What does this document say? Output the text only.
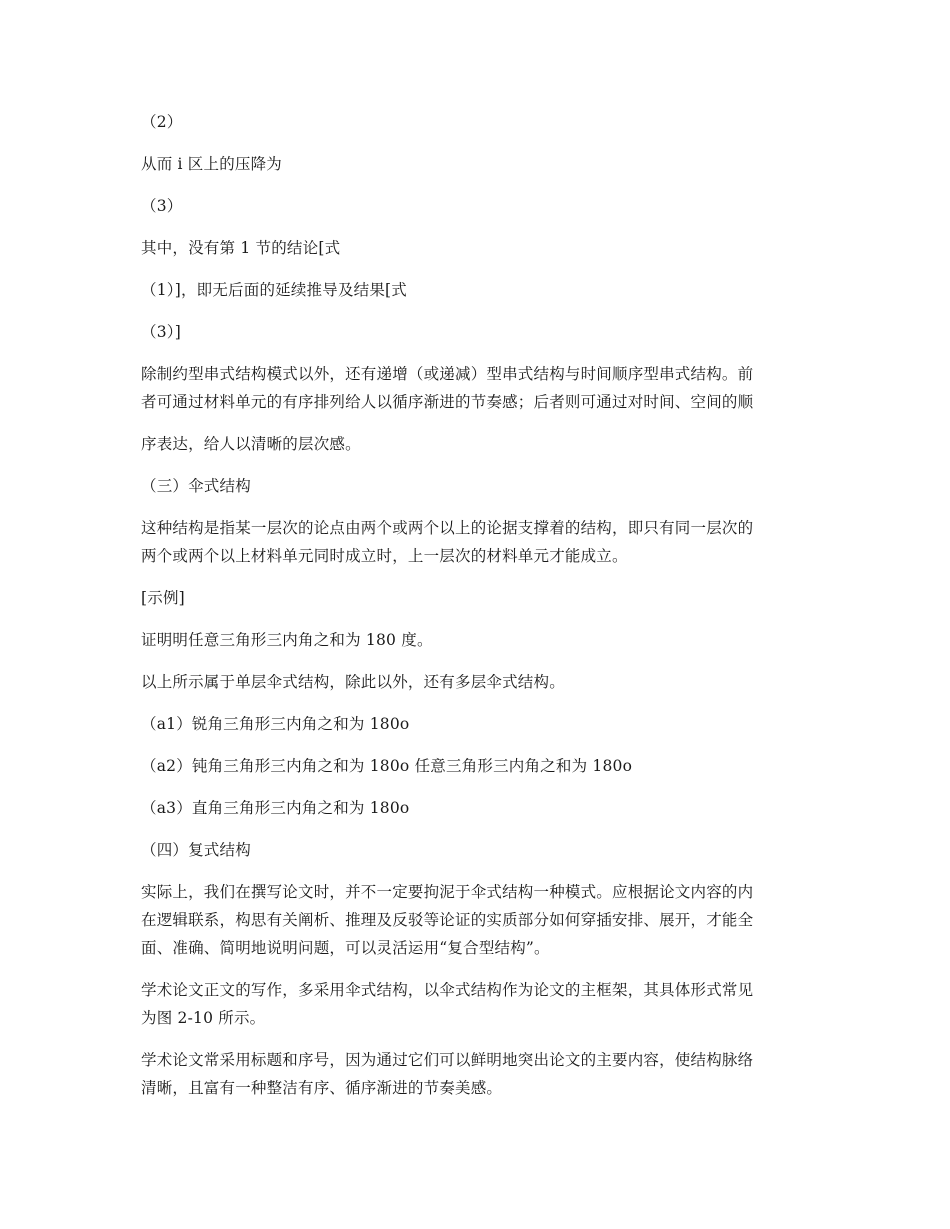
（2）

从而 i 区上的压降为

（3）

其中，没有第 1 节的结论[式

（1）]，即无后面的延续推导及结果[式

（3）]

除制约型串式结构模式以外，还有递增（或递减）型串式结构与时间顺序型串式结构。前
者可通过材料单元的有序排列给人以循序渐进的节奏感；后者则可通过对时间、空间的顺

序表达，给人以清晰的层次感。

（三）伞式结构

这种结构是指某一层次的论点由两个或两个以上的论据支撑着的结构，即只有同一层次的
两个或两个以上材料单元同时成立时，上一层次的材料单元才能成立。

[示例]

证明明任意三角形三内角之和为 180 度。

以上所示属于单层伞式结构，除此以外，还有多层伞式结构。

（a1）锐角三角形三内角之和为 180o

（a2）钝角三角形三内角之和为 180o 任意三角形三内角之和为 180o

（a3）直角三角形三内角之和为 180o

（四）复式结构

实际上，我们在撰写论文时，并不一定要拘泥于伞式结构一种模式。应根据论文内容的内
在逻辑联系，构思有关阐析、推理及反驳等论证的实质部分如何穿插安排、展开，才能全
面、准确、简明地说明问题，可以灵活运用“复合型结构”。

学术论文正文的写作，多采用伞式结构，以伞式结构作为论文的主框架，其具体形式常见
为图 2-10 所示。

学术论文常采用标题和序号，因为通过它们可以鲜明地突出论文的主要内容，使结构脉络
清晰，且富有一种整洁有序、循序渐进的节奏美感。
